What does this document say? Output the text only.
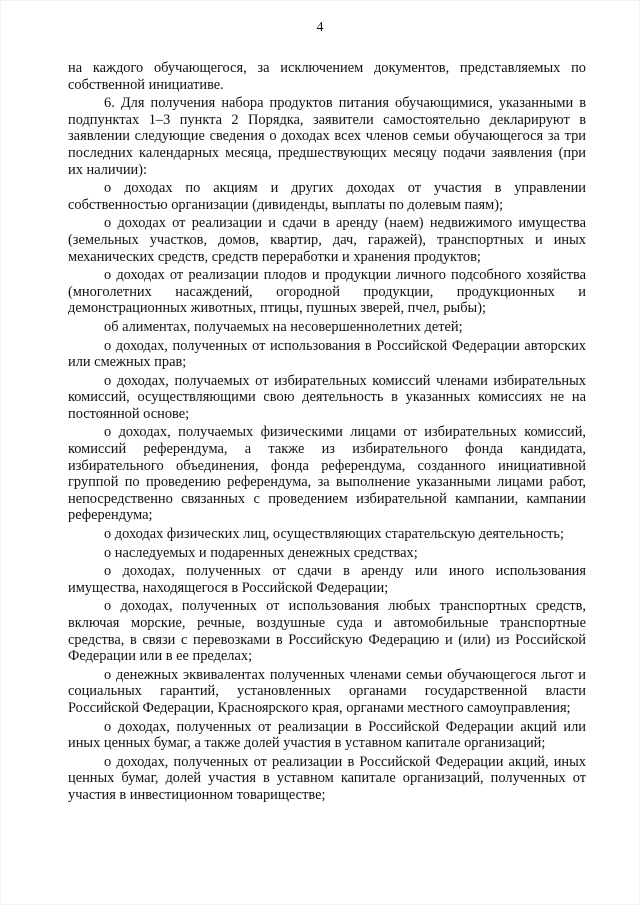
4

на каждого обучающегося, за исключением документов, представляемых по собственной инициативе.

6. Для получения набора продуктов питания обучающимися, указанными в подпунктах 1–3 пункта 2 Порядка, заявители самостоятельно декларируют в заявлении следующие сведения о доходах всех членов семьи обучающегося за три последних календарных месяца, предшествующих месяцу подачи заявления (при их наличии):

о доходах по акциям и других доходах от участия в управлении собственностью организации (дивиденды, выплаты по долевым паям);

о доходах от реализации и сдачи в аренду (наем) недвижимого имущества (земельных участков, домов, квартир, дач, гаражей), транспортных и иных механических средств, средств переработки и хранения продуктов;

о доходах от реализации плодов и продукции личного подсобного хозяйства (многолетних насаждений, огородной продукции, продукционных и демонстрационных животных, птицы, пушных зверей, пчел, рыбы);

об алиментах, получаемых на несовершеннолетних детей;

о доходах, полученных от использования в Российской Федерации авторских или смежных прав;

о доходах, получаемых от избирательных комиссий членами избирательных комиссий, осуществляющими свою деятельность в указанных комиссиях не на постоянной основе;

о доходах, получаемых физическими лицами от избирательных комиссий, комиссий референдума, а также из избирательного фонда кандидата, избирательного объединения, фонда референдума, созданного инициативной группой по проведению референдума, за выполнение указанными лицами работ, непосредственно связанных с проведением избирательной кампании, кампании референдума;

о доходах физических лиц, осуществляющих старательскую деятельность;

о наследуемых и подаренных денежных средствах;

о доходах, полученных от сдачи в аренду или иного использования имущества, находящегося в Российской Федерации;

о доходах, полученных от использования любых транспортных средств, включая морские, речные, воздушные суда и автомобильные транспортные средства, в связи с перевозками в Российскую Федерацию и (или) из Российской Федерации или в ее пределах;

о денежных эквивалентах полученных членами семьи обучающегося льгот и социальных гарантий, установленных органами государственной власти Российской Федерации, Красноярского края, органами местного самоуправления;

о доходах, полученных от реализации в Российской Федерации акций или иных ценных бумаг, а также долей участия в уставном капитале организаций;

о доходах, полученных от реализации в Российской Федерации акций, иных ценных бумаг, долей участия в уставном капитале организаций, полученных от участия в инвестиционном товариществе;
